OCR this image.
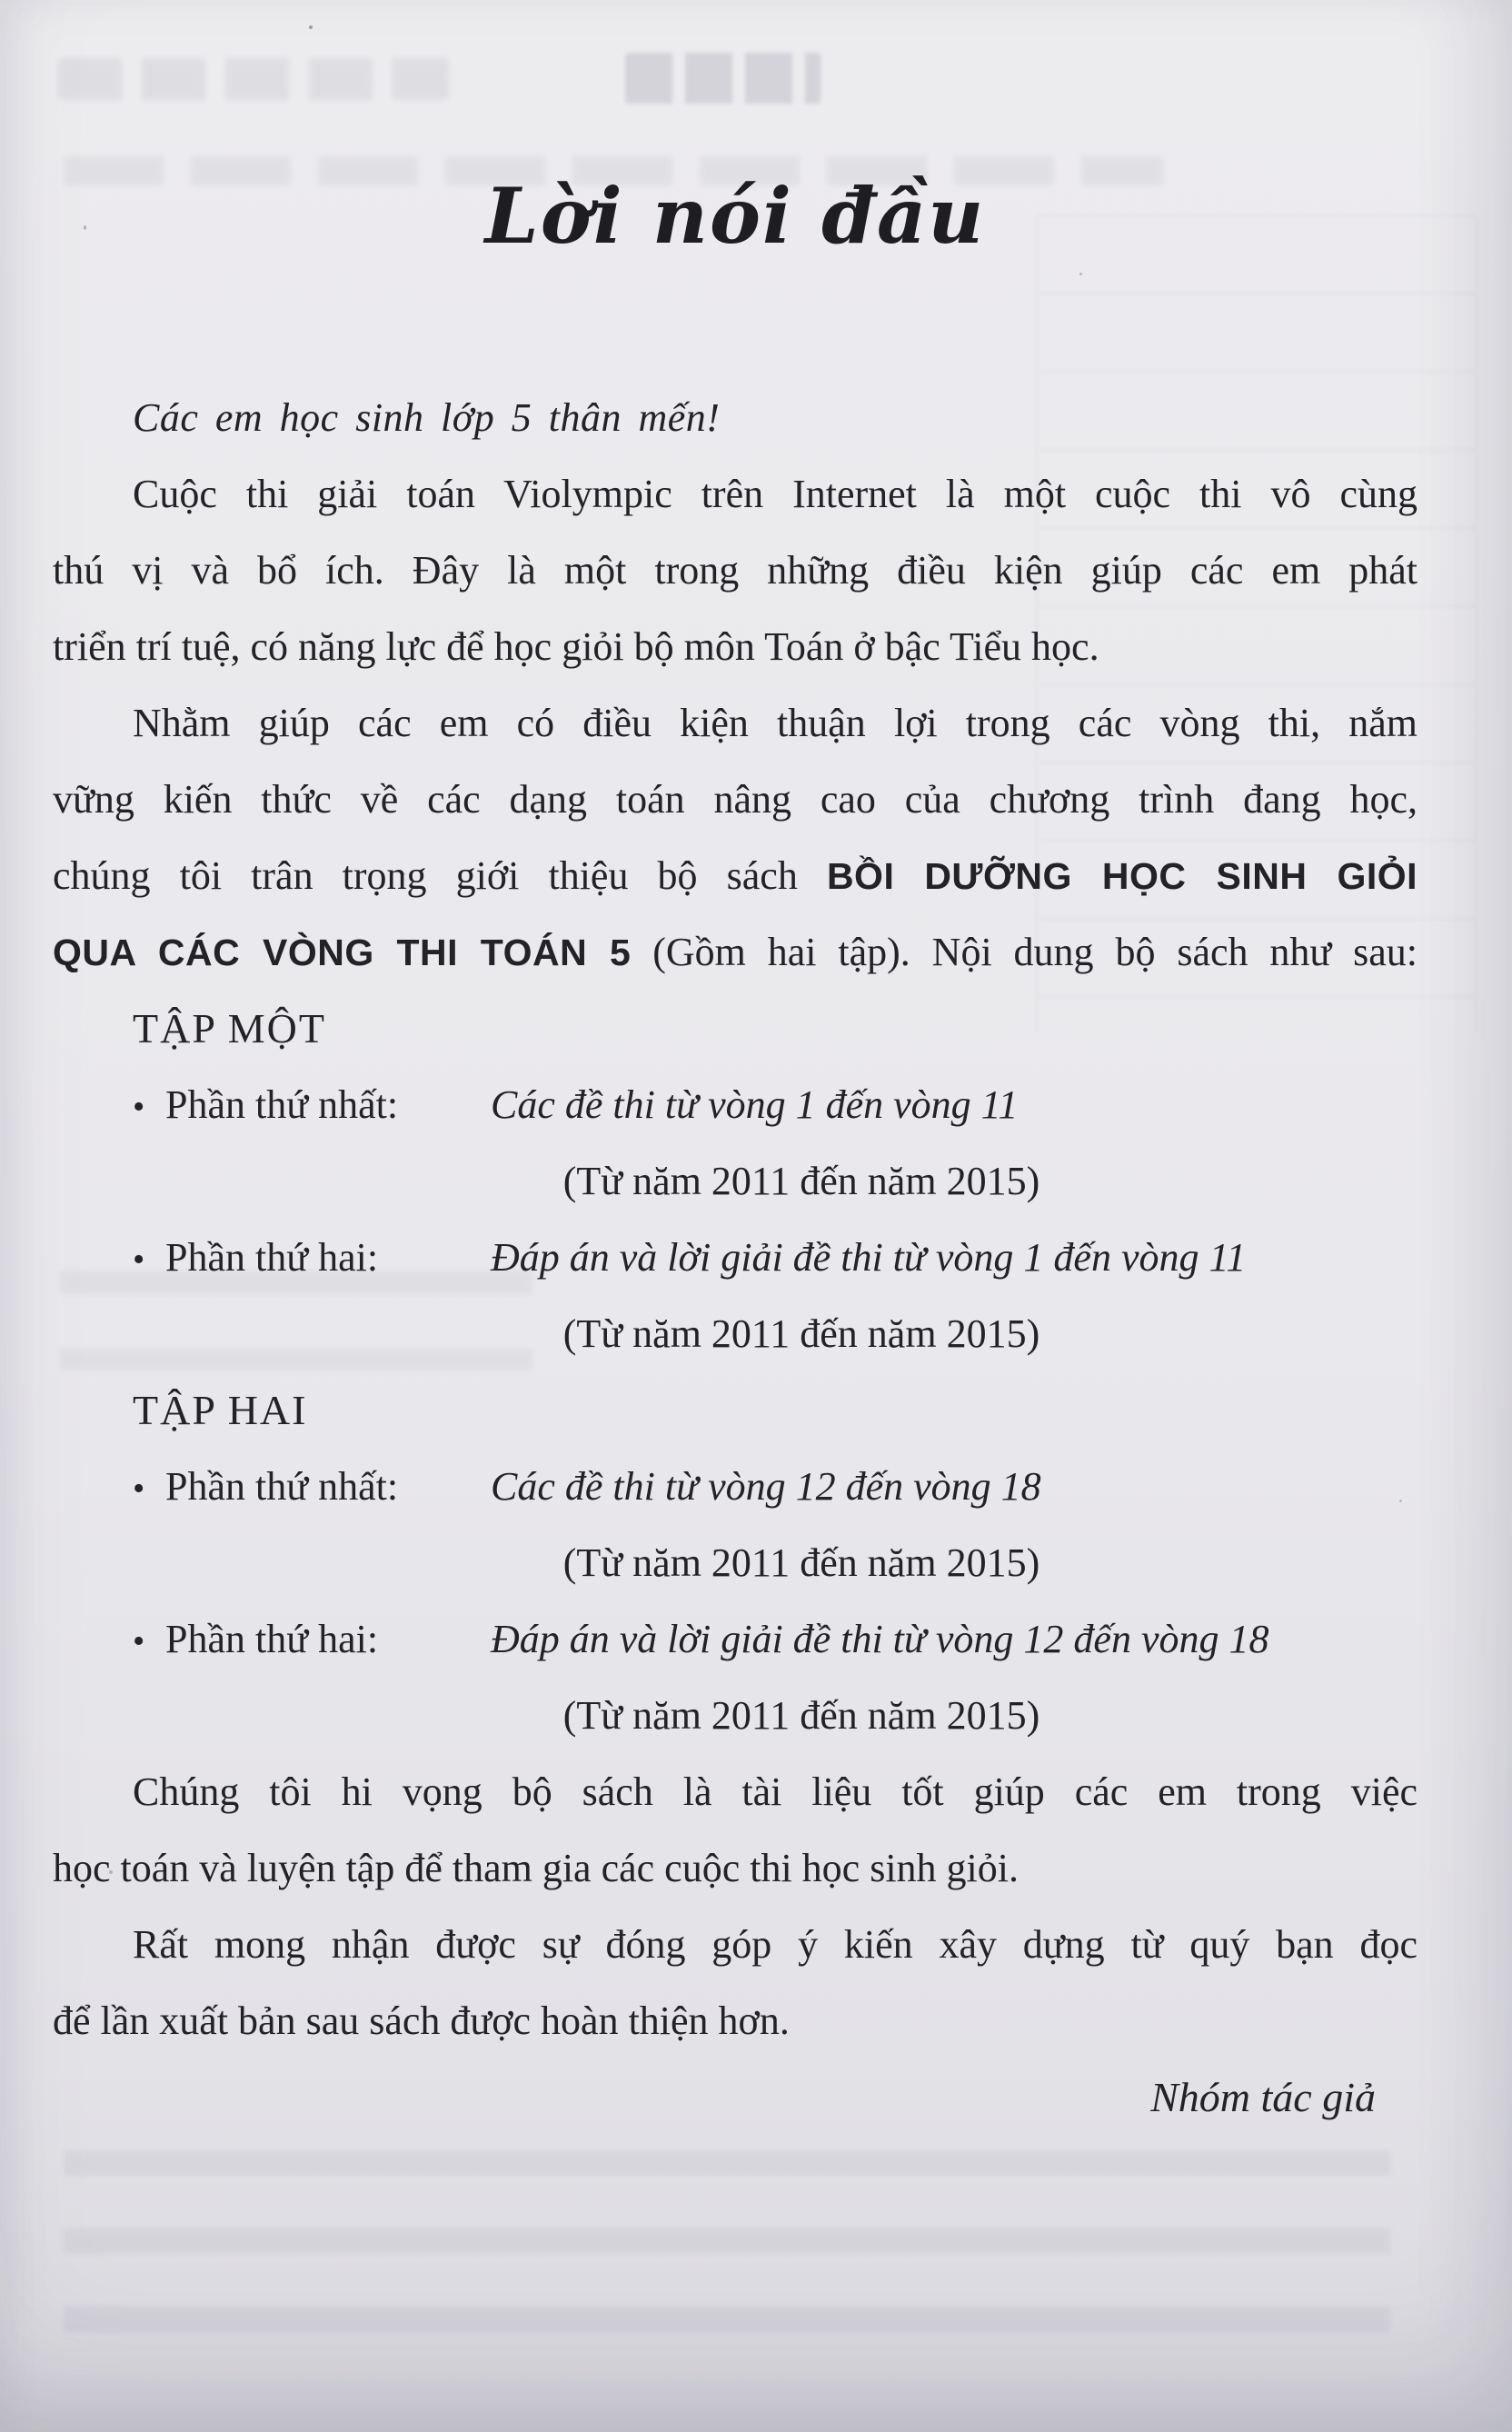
Lời nói đầu
Các em học sinh lớp 5 thân mến!
Cuộc thi giải toán Violympic trên Internet là một cuộc thi vô cùng
thú vị và bổ ích. Đây là một trong những điều kiện giúp các em phát
triển trí tuệ, có năng lực để học giỏi bộ môn Toán ở bậc Tiểu học.
Nhằm giúp các em có điều kiện thuận lợi trong các vòng thi, nắm
vững kiến thức về các dạng toán nâng cao của chương trình đang học,
chúng tôi trân trọng giới thiệu bộ sách BỒI DƯỠNG HỌC SINH GIỎI
QUA CÁC VÒNG THI TOÁN 5 (Gồm hai tập). Nội dung bộ sách như sau:
TẬP MỘT
• Phần thứ nhất: Các đề thi từ vòng 1 đến vòng 11
(Từ năm 2011 đến năm 2015)
• Phần thứ hai:	Đáp án và lời giải đề thi từ vòng 1 đến vòng 11
(Từ năm 2011 đến năm 2015)
TẬP HAI
• Phần thứ nhất: Các đề thi từ vòng 12 đến vòng 18
(Từ năm 2011 đến năm 2015)
• Phần thứ hai:	Đáp án và lời giải đề thi từ vòng 12 đến vòng 18
(Từ năm 2011 đến năm 2015)
Chúng tôi hi vọng bộ sách là tài liệu tốt giúp các em trong việc
học toán và luyện tập để tham gia các cuộc thi học sinh giỏi.
Rất mong nhận được sự đóng góp ý kiến xây dựng từ quý bạn đọc
để lần xuất bản sau sách được hoàn thiện hơn.
Nhóm tác giả
